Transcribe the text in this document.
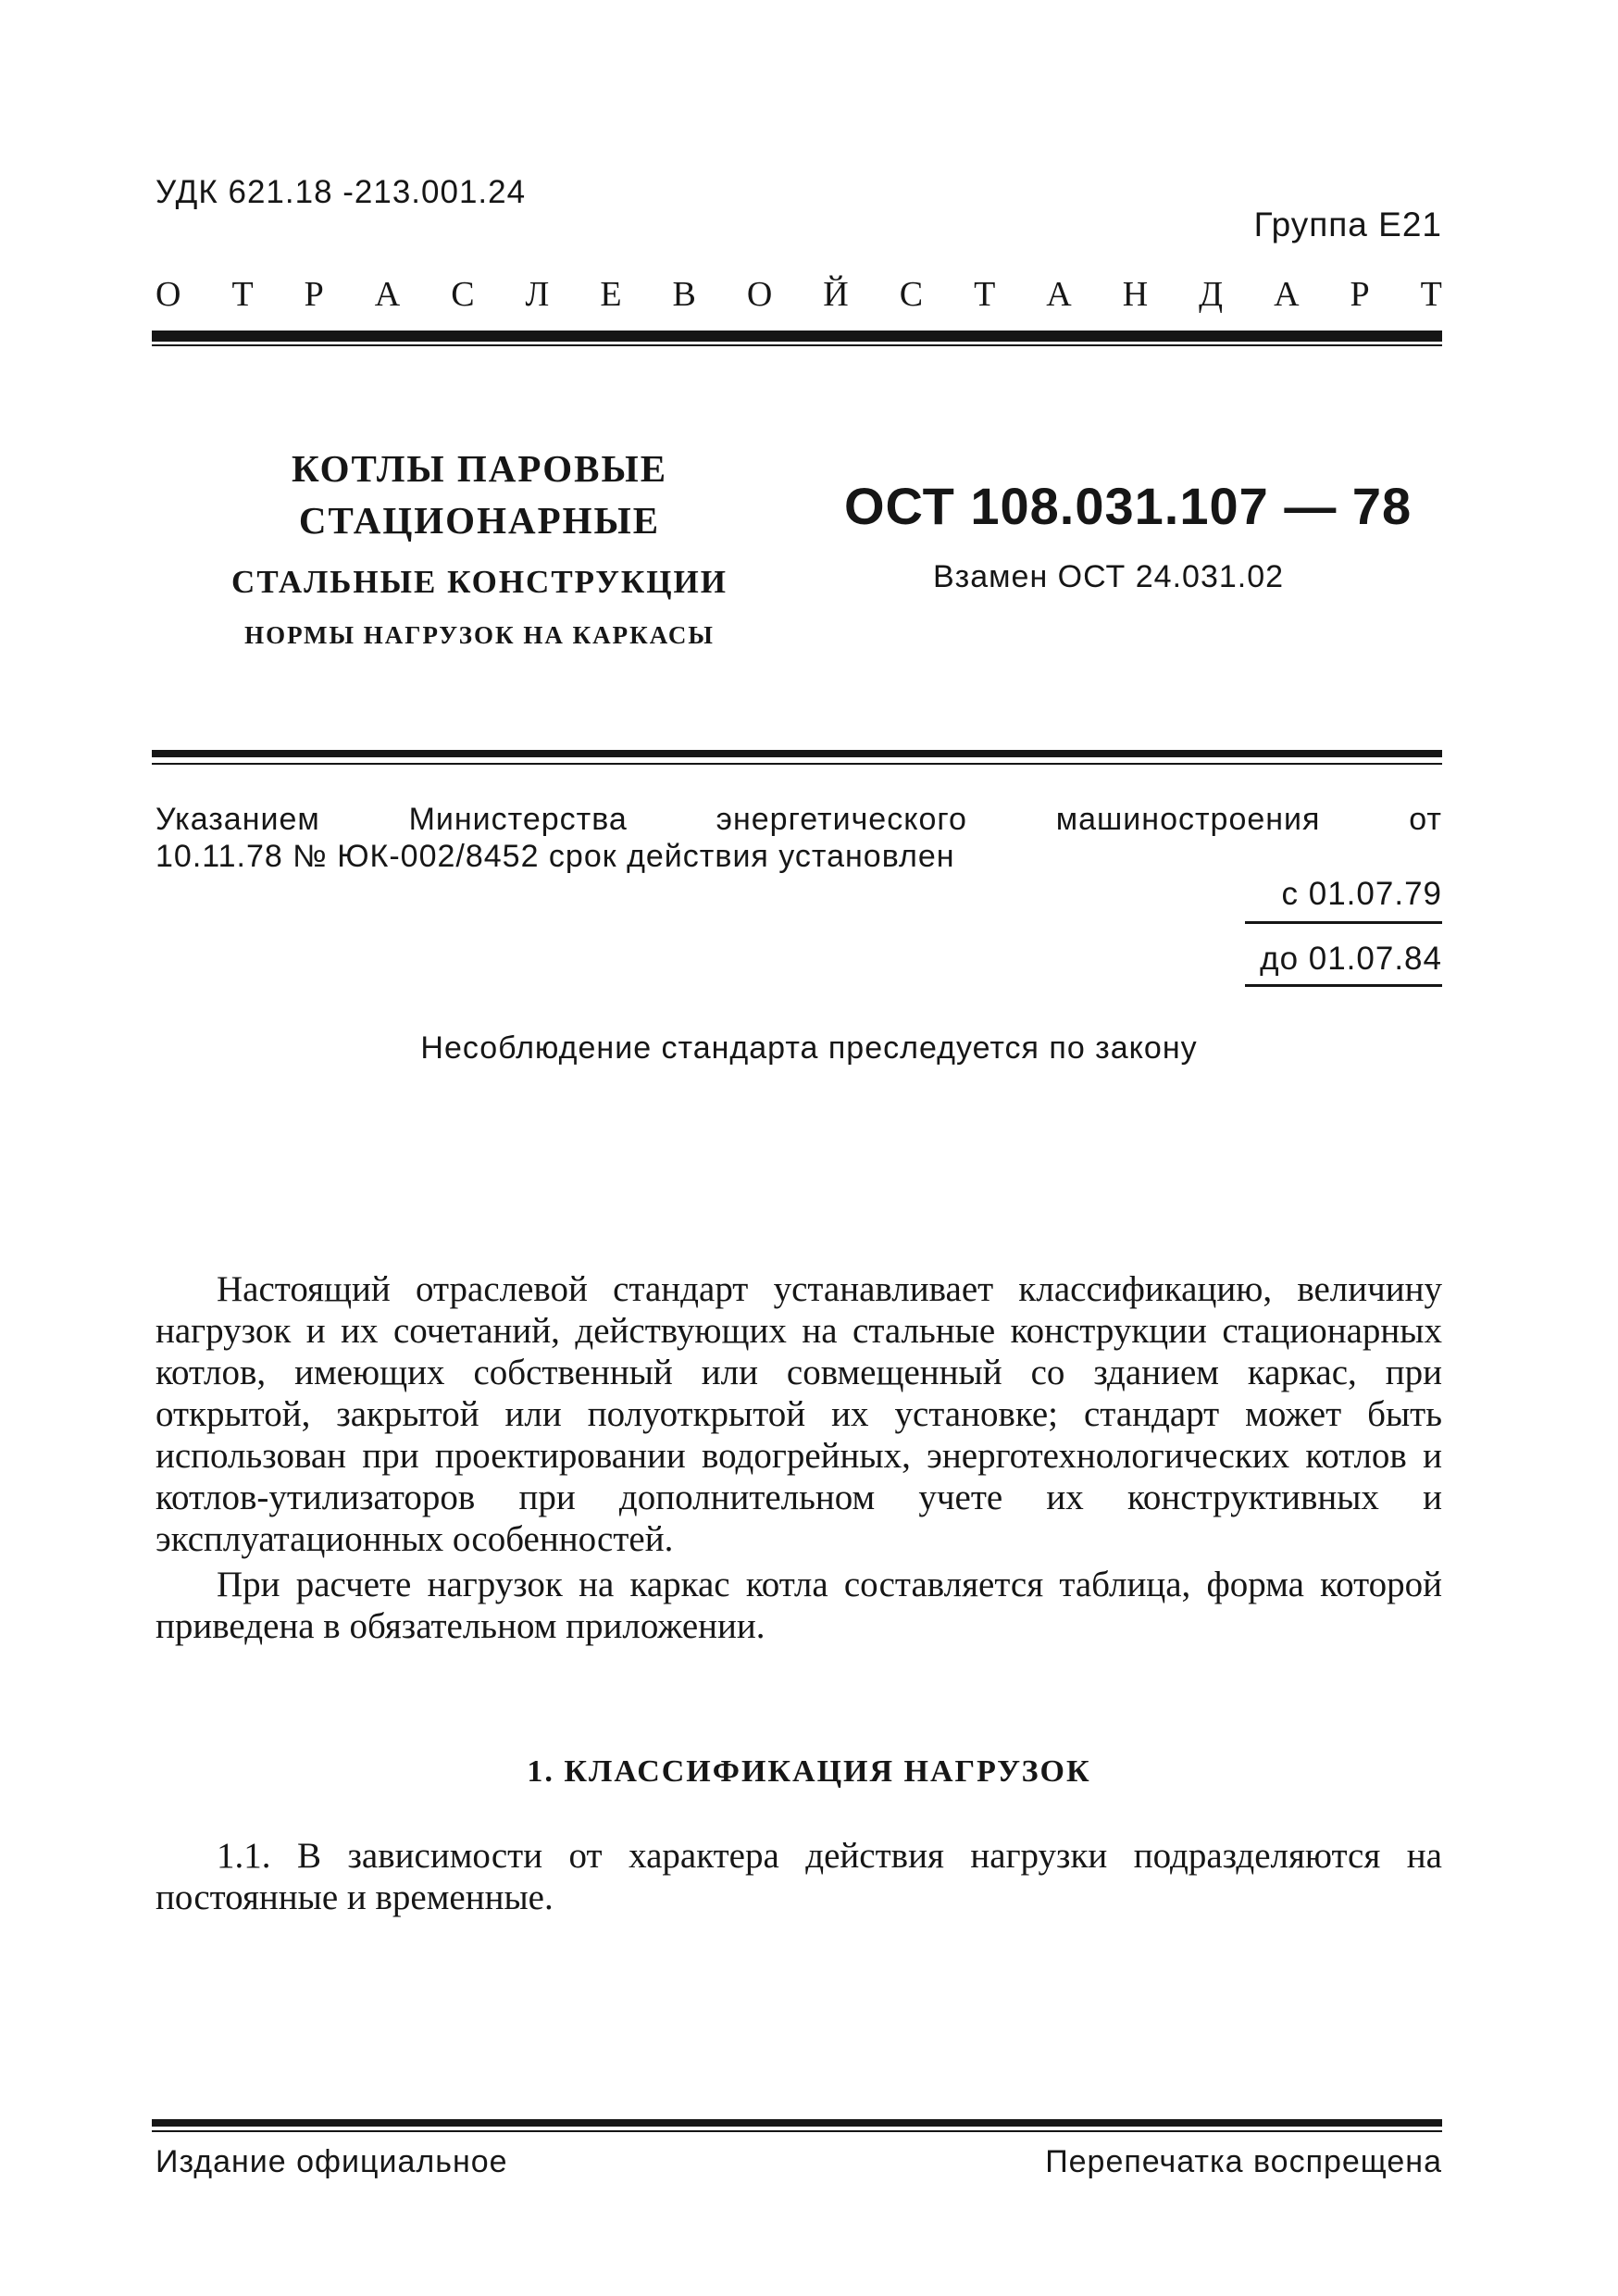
УДК 621.18 -213.001.24
Группа Е21
О Т Р А С Л Е В О Й С Т А Н Д А Р Т
КОТЛЫ ПАРОВЫЕ
СТАЦИОНАРНЫЕ
СТАЛЬНЫЕ КОНСТРУКЦИИ
НОРМЫ НАГРУЗОК НА КАРКАСЫ
ОСТ 108.031.107 — 78
Взамен ОСТ 24.031.02
Указанием	Министерства	энергетического	машиностроения	от
10.11.78 № ЮК-002/8452 срок действия установлен
с 01.07.79
до 01.07.84
Несоблюдение стандарта преследуется по закону

Настоящий отраслевой стандарт устанавливает классификацию, величину нагрузок и их сочетаний, действующих на стальные конструкции стационарных котлов, имеющих собственный или совмещенный со зданием каркас, при открытой, закрытой или полуоткрытой их установке; стандарт может быть использован при проектировании водогрейных, энерготехнологических котлов и котлов-утилизаторов при дополнительном учете их конструктивных и эксплуатационных особенностей.

При расчете нагрузок на каркас котла составляется таблица, форма которой приведена в обязательном приложении.

1. КЛАССИФИКАЦИЯ НАГРУЗОК

1.1. В зависимости от характера действия нагрузки подразделяются на постоянные и временные.

Издание официальное	Перепечатка воспрещена
